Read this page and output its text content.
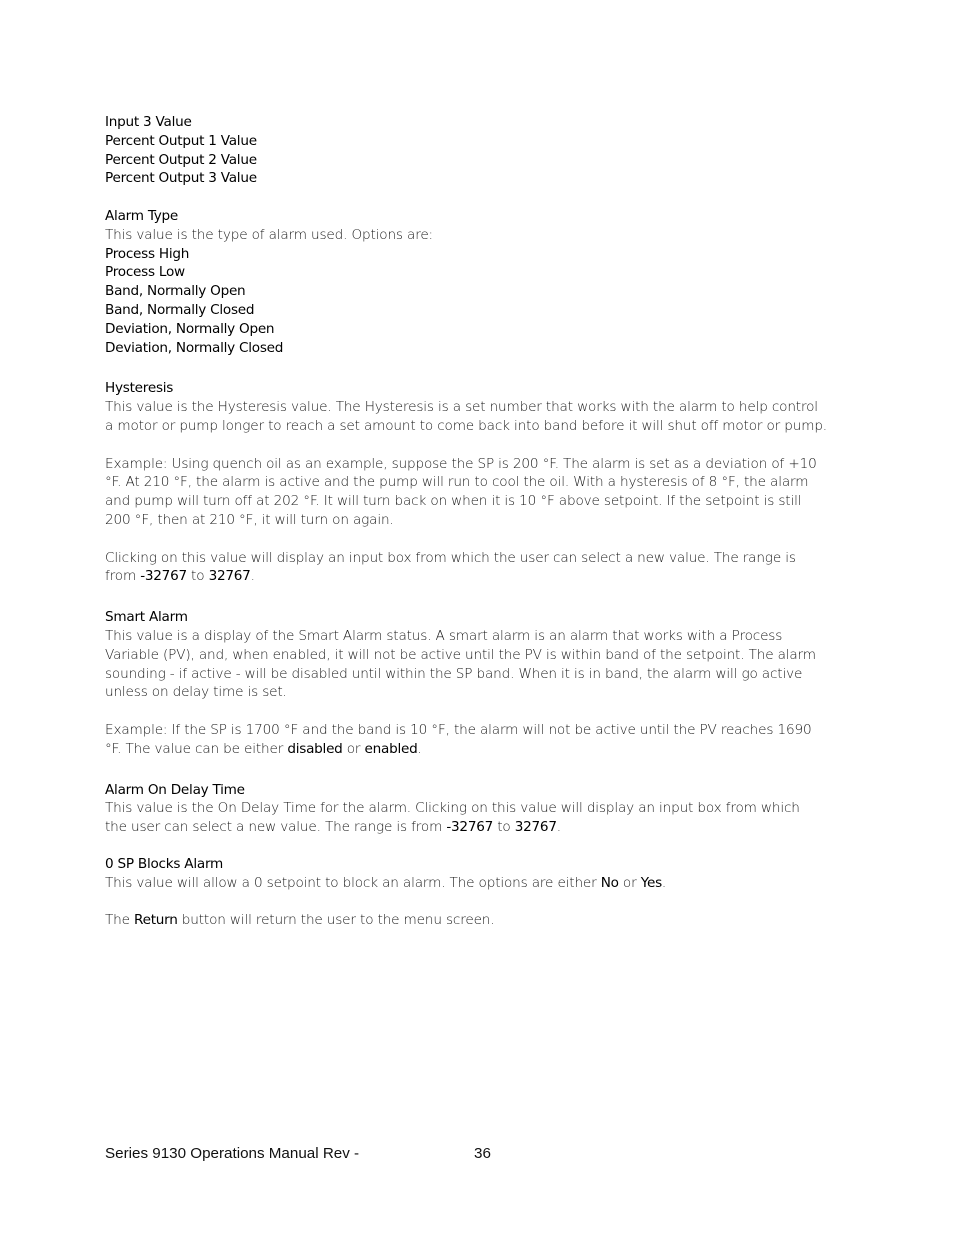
Input 3 Value
Percent Output 1 Value
Percent Output 2 Value
Percent Output 3 Value
Alarm Type
This value is the type of alarm used. Options are:
Process High
Process Low
Band, Normally Open
Band, Normally Closed
Deviation, Normally Open
Deviation, Normally Closed
Hysteresis
This value is the Hysteresis value. The Hysteresis is a set number that works with the alarm to help control
a motor or pump longer to reach a set amount to come back into band before it will shut off motor or pump.
Example: Using quench oil as an example, suppose the SP is 200 °F. The alarm is set as a deviation of +10
°F. At 210 °F, the alarm is active and the pump will run to cool the oil. With a hysteresis of 8 °F, the alarm
and pump will turn off at 202 °F. It will turn back on when it is 10 °F above setpoint. If the setpoint is still
200 °F, then at 210 °F, it will turn on again.
Clicking on this value will display an input box from which the user can select a new value. The range is
from -32767 to 32767.
Smart Alarm
This value is a display of the Smart Alarm status. A smart alarm is an alarm that works with a Process
Variable (PV), and, when enabled, it will not be active until the PV is within band of the setpoint. The alarm
sounding - if active - will be disabled until within the SP band. When it is in band, the alarm will go active
unless on delay time is set.
Example: If the SP is 1700 °F and the band is 10 °F, the alarm will not be active until the PV reaches 1690
°F. The value can be either disabled or enabled.
Alarm On Delay Time
This value is the On Delay Time for the alarm. Clicking on this value will display an input box from which
the user can select a new value. The range is from -32767 to 32767.
0 SP Blocks Alarm
This value will allow a 0 setpoint to block an alarm. The options are either No or Yes.
The Return button will return the user to the menu screen.
Series 9130 Operations Manual Rev -	36
